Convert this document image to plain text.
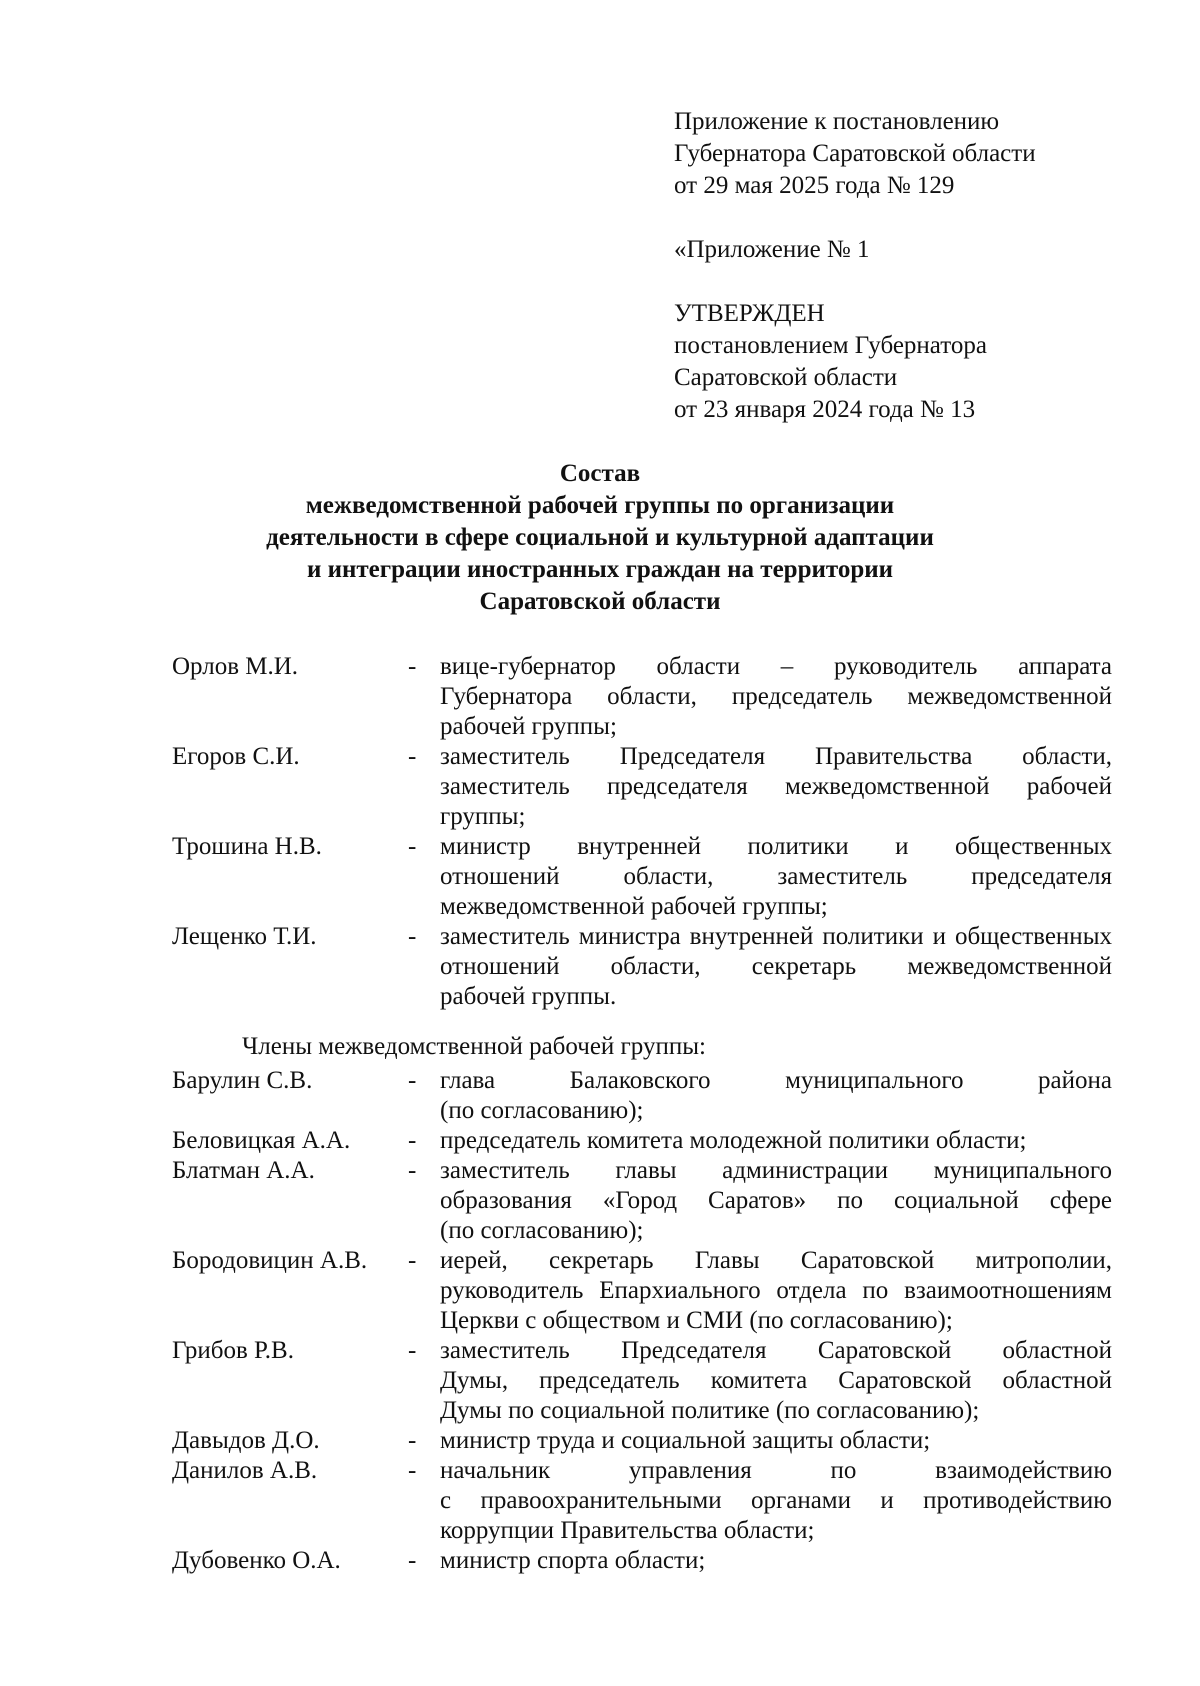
Приложение к постановлению
Губернатора Саратовской области
от 29 мая 2025 года № 129
«Приложение № 1
УТВЕРЖДЕН
постановлением Губернатора
Саратовской области
от 23 января 2024 года № 13
Состав
межведомственной рабочей группы по организации
деятельности в сфере социальной и культурной адаптации
и интеграции иностранных граждан на территории
Саратовской области
Орлов М.И.	- вице-губернатор области – руководитель аппарата
Губернатора области, председатель межведомственной
рабочей группы;
Егоров С.И.	- заместитель Председателя Правительства области,
заместитель председателя межведомственной рабочей
группы;
Трошина Н.В.	- министр внутренней политики и общественных
отношений области, заместитель председателя
межведомственной рабочей группы;
Лещенко Т.И.	- заместитель министра внутренней политики и общественных
отношений области, секретарь межведомственной
рабочей группы.
Члены межведомственной рабочей группы:
Барулин С.В.	- глава Балаковского муниципального района
(по согласованию);
Беловицкая А.А.	- председатель комитета молодежной политики области;
Блатман А.А.	- заместитель главы администрации муниципального
образования «Город Саратов» по социальной сфере
(по согласованию);
Бородовицин А.В.	- иерей, секретарь Главы Саратовской митрополии,
руководитель Епархиального отдела по взаимоотношениям
Церкви с обществом и СМИ (по согласованию);
Грибов Р.В.	- заместитель Председателя Саратовской областной
Думы, председатель комитета Саратовской областной
Думы по социальной политике (по согласованию);
Давыдов Д.О.	- министр труда и социальной защиты области;
Данилов А.В.	- начальник управления по взаимодействию
с правоохранительными органами и противодействию
коррупции Правительства области;
Дубовенко О.А.	- министр спорта области;
